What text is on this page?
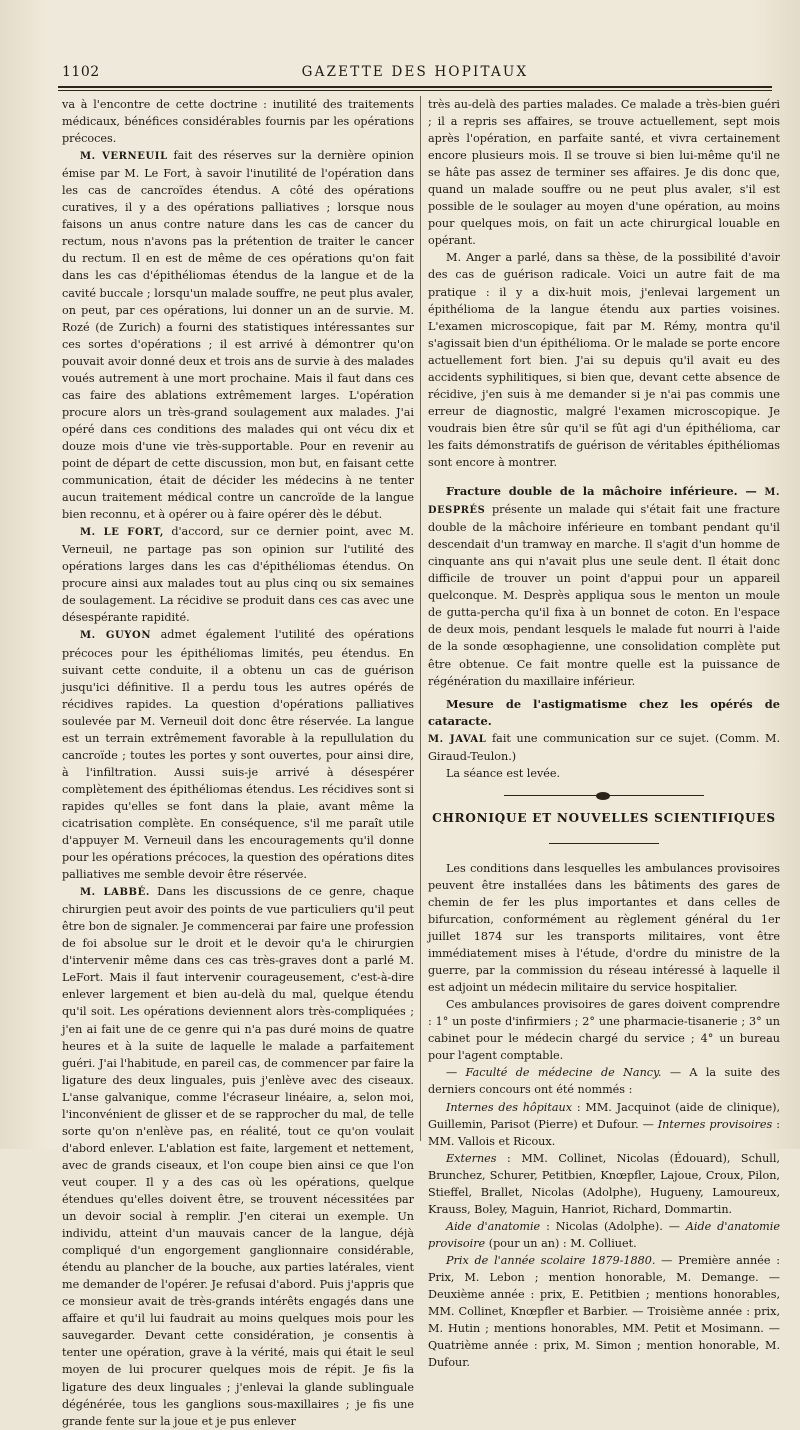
1102	GAZETTE DES HOPITAUX

va à l'encontre de cette doctrine : inutilité des traitements médicaux, bénéfices considérables fournis par les opérations précoces.

M. VERNEUIL fait des réserves sur la dernière opinion émise par M. Le Fort, à savoir l'inutilité de l'opération dans les cas de cancroïdes étendus. A côté des opérations curatives, il y a des opérations palliatives ; lorsque nous faisons un anus contre nature dans les cas de cancer du rectum, nous n'avons pas la prétention de traiter le cancer du rectum. Il en est de même de ces opérations qu'on fait dans les cas d'épithéliomas étendus de la langue et de la cavité buccale ; lorsqu'un malade souffre, ne peut plus avaler, on peut, par ces opérations, lui donner un an de survie. M. Rozé (de Zurich) a fourni des statistiques intéressantes sur ces sortes d'opérations ; il est arrivé à démontrer qu'on pouvait avoir donné deux et trois ans de survie à des malades voués autrement à une mort prochaine. Mais il faut dans ces cas faire des ablations extrêmement larges. L'opération procure alors un très-grand soulagement aux malades. J'ai opéré dans ces conditions des malades qui ont vécu dix et douze mois d'une vie très-supportable. Pour en revenir au point de départ de cette discussion, mon but, en faisant cette communication, était de décider les médecins à ne tenter aucun traitement médical contre un cancroïde de la langue bien reconnu, et à opérer ou à faire opérer dès le début.

M. LE FORT, d'accord, sur ce dernier point, avec M. Verneuil, ne partage pas son opinion sur l'utilité des opérations larges dans les cas d'épithéliomas étendus. On procure ainsi aux malades tout au plus cinq ou six semaines de soulagement. La récidive se produit dans ces cas avec une désespérante rapidité.

M. GUYON admet également l'utilité des opérations précoces pour les épithéliomas limités, peu étendus. En suivant cette conduite, il a obtenu un cas de guérison jusqu'ici définitive. Il a perdu tous les autres opérés de récidives rapides. La question d'opérations palliatives soulevée par M. Verneuil doit donc être réservée. La langue est un terrain extrêmement favorable à la repullulation du cancroïde ; toutes les portes y sont ouvertes, pour ainsi dire, à l'infiltration. Aussi suis-je arrivé à désespérer complètement des épithéliomas étendus. Les récidives sont si rapides qu'elles se font dans la plaie, avant même la cicatrisation complète. En conséquence, s'il me paraît utile d'appuyer M. Verneuil dans les encouragements qu'il donne pour les opérations précoces, la question des opérations dites palliatives me semble devoir être réservée.

M. LABBÉ. Dans les discussions de ce genre, chaque chirurgien peut avoir des points de vue particuliers qu'il peut être bon de signaler. Je commencerai par faire une profession de foi absolue sur le droit et le devoir qu'a le chirurgien d'intervenir même dans ces cas très-graves dont a parlé M. LeFort. Mais il faut intervenir courageusement, c'est-à-dire enlever largement et bien au-delà du mal, quelque étendu qu'il soit. Les opérations deviennent alors très-compliquées ; j'en ai fait une de ce genre qui n'a pas duré moins de quatre heures et à la suite de laquelle le malade a parfaitement guéri. J'ai l'habitude, en pareil cas, de commencer par faire la ligature des deux linguales, puis j'enlève avec des ciseaux. L'anse galvanique, comme l'écraseur linéaire, a, selon moi, l'inconvénient de glisser et de se rapprocher du mal, de telle sorte qu'on n'enlève pas, en réalité, tout ce qu'on voulait d'abord enlever. L'ablation est faite, largement et nettement, avec de grands ciseaux, et l'on coupe bien ainsi ce que l'on veut couper. Il y a des cas où les opérations, quelque étendues qu'elles doivent être, se trouvent nécessitées par un devoir social à remplir. J'en citerai un exemple. Un individu, atteint d'un mauvais cancer de la langue, déjà compliqué d'un engorgement ganglionnaire considérable, étendu au plancher de la bouche, aux parties latérales, vient me demander de l'opérer. Je refusai d'abord. Puis j'appris que ce monsieur avait de très-grands intérêts engagés dans une affaire et qu'il lui faudrait au moins quelques mois pour les sauvegarder. Devant cette considération, je consentis à tenter une opération, grave à la vérité, mais qui était le seul moyen de lui procurer quelques mois de répit. Je fis la ligature des deux linguales ; j'enlevai la glande sublinguale dégénérée, tous les ganglions sous-maxillaires ; je fis une grande fente sur la joue et je pus enlever

très au-delà des parties malades. Ce malade a très-bien guéri ; il a repris ses affaires, se trouve actuellement, sept mois après l'opération, en parfaite santé, et vivra certainement encore plusieurs mois. Il se trouve si bien lui-même qu'il ne se hâte pas assez de terminer ses affaires. Je dis donc que, quand un malade souffre ou ne peut plus avaler, s'il est possible de le soulager au moyen d'une opération, au moins pour quelques mois, on fait un acte chirurgical louable en opérant.

M. Anger a parlé, dans sa thèse, de la possibilité d'avoir des cas de guérison radicale. Voici un autre fait de ma pratique : il y a dix-huit mois, j'enlevai largement un épithélioma de la langue étendu aux parties voisines. L'examen microscopique, fait par M. Rémy, montra qu'il s'agissait bien d'un épithélioma. Or le malade se porte encore actuellement fort bien. J'ai su depuis qu'il avait eu des accidents syphilitiques, si bien que, devant cette absence de récidive, j'en suis à me demander si je n'ai pas commis une erreur de diagnostic, malgré l'examen microscopique. Je voudrais bien être sûr qu'il se fût agi d'un épithélioma, car les faits démonstratifs de guérison de véritables épithéliomas sont encore à montrer.

Fracture double de la mâchoire inférieure. — M. DESPRÉS présente un malade qui s'était fait une fracture double de la mâchoire inférieure en tombant pendant qu'il descendait d'un tramway en marche. Il s'agit d'un homme de cinquante ans qui n'avait plus une seule dent. Il était donc difficile de trouver un point d'appui pour un appareil quelconque. M. Desprès appliqua sous le menton un moule de gutta-percha qu'il fixa à un bonnet de coton. En l'espace de deux mois, pendant lesquels le malade fut nourri à l'aide de la sonde œsophagienne, une consolidation complète put être obtenue. Ce fait montre quelle est la puissance de régénération du maxillaire inférieur.

Mesure de l'astigmatisme chez les opérés de cataracte.

M. JAVAL fait une communication sur ce sujet. (Comm. M. Giraud-Teulon.)

La séance est levée.

CHRONIQUE ET NOUVELLES SCIENTIFIQUES

Les conditions dans lesquelles les ambulances provisoires peuvent être installées dans les bâtiments des gares de chemin de fer les plus importantes et dans celles de bifurcation, conformément au règlement général du 1er juillet 1874 sur les transports militaires, vont être immédiatement mises à l'étude, d'ordre du ministre de la guerre, par la commission du réseau intéressé à laquelle il est adjoint un médecin militaire du service hospitalier.

Ces ambulances provisoires de gares doivent comprendre : 1° un poste d'infirmiers ; 2° une pharmacie-tisanerie ; 3° un cabinet pour le médecin chargé du service ; 4° un bureau pour l'agent comptable.

— Faculté de médecine de Nancy. — A la suite des derniers concours ont été nommés :

Internes des hôpitaux : MM. Jacquinot (aide de clinique), Guillemin, Parisot (Pierre) et Dufour. — Internes provisoires : MM. Vallois et Ricoux.

Externes : MM. Collinet, Nicolas (Édouard), Schull, Brunchez, Schurer, Petitbien, Knœpfler, Lajoue, Croux, Pilon, Stieffel, Brallet, Nicolas (Adolphe), Hugueny, Lamoureux, Krauss, Boley, Maguin, Hanriot, Richard, Dommartin.

Aide d'anatomie : Nicolas (Adolphe). — Aide d'anatomie provisoire (pour un an) : M. Colliuet.

Prix de l'année scolaire 1879-1880. — Première année : Prix, M. Lebon ; mention honorable, M. Demange. — Deuxième année : prix, E. Petitbien ; mentions honorables, MM. Collinet, Knœpfler et Barbier. — Troisième année : prix, M. Hutin ; mentions honorables, MM. Petit et Mosimann. — Quatrième année : prix, M. Simon ; mention honorable, M. Dufour.
